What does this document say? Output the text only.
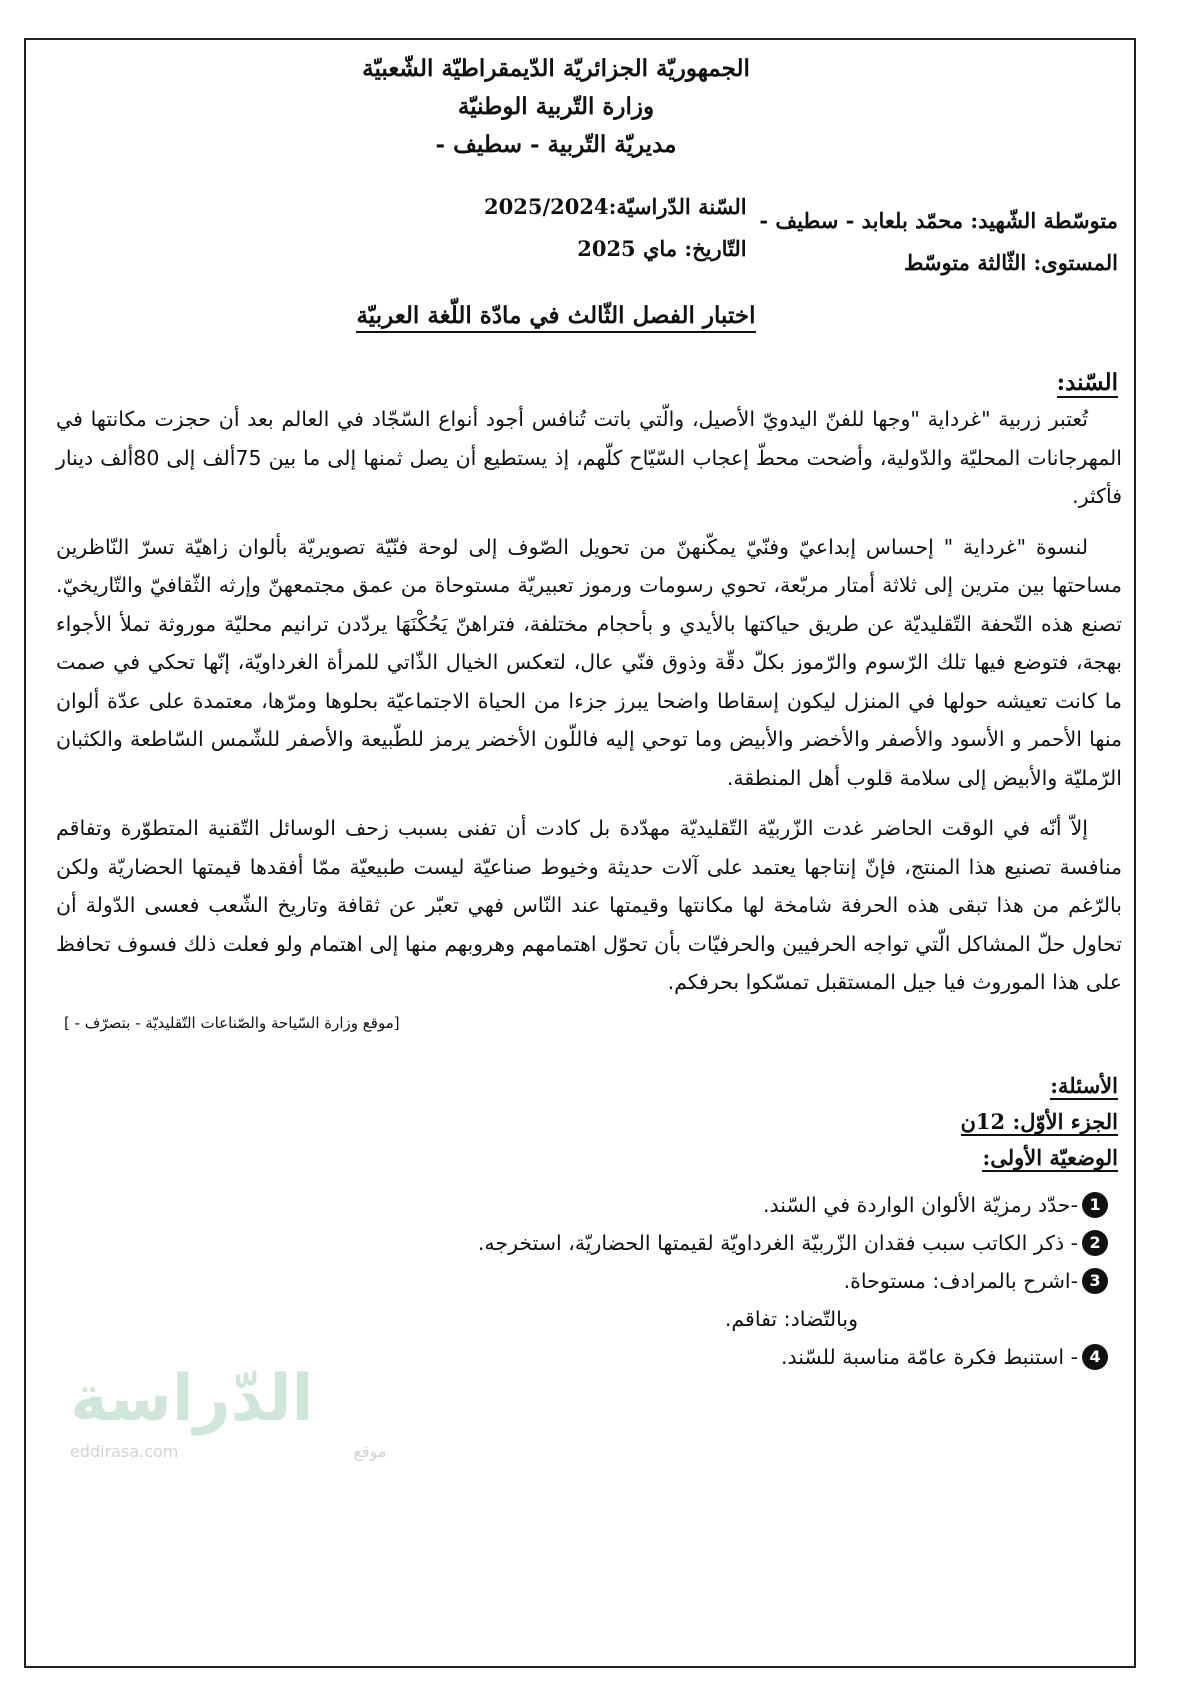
الجمهوريّة الجزائريّة الدّيمقراطيّة الشّعبيّة
وزارة التّربية الوطنيّة
مديريّة التّربية - سطيف -
متوسّطة الشّهيد: محمّد بلعابد - سطيف -
المستوى: الثّالثة متوسّط
السّنة الدّراسيّة:2025/2024
التّاريخ: ماي 2025
اختبار الفصل الثّالث في مادّة اللّغة العربيّة
السّند:
تُعتبر زربية "غرداية "وجها للفنّ اليدويّ الأصيل، والّتي باتت تُنافس أجود أنواع السّجّاد في العالم بعد أن حجزت مكانتها في المهرجانات المحليّة والدّولية، وأضحت محطّ إعجاب السّيّاح كلّهم، إذ يستطيع أن يصل ثمنها إلى ما بين 75ألف إلى 80ألف دينار فأكثر.
لنسوة "غرداية " إحساس إبداعيّ وفنّيّ يمكّنهنّ من تحويل الصّوف إلى لوحة فنّيّة تصويريّة بألوان زاهيّة تسرّ النّاظرين مساحتها بين مترين إلى ثلاثة أمتار مربّعة، تحوي رسومات ورموز تعبيريّة مستوحاة من عمق مجتمعهنّ وإرثه الثّقافيّ والتّاريخيّ. تصنع هذه التّحفة التّقليديّة عن طريق حياكتها بالأيدي و بأحجام مختلفة، فتراهنّ يَحُكْنَهَا يردّدن ترانيم محليّة موروثة تملأ الأجواء بهجة، فتوضع فيها تلك الرّسوم والرّموز بكلّ دقّة وذوق فنّي عال، لتعكس الخيال الذّاتي للمرأة الغرداويّة، إنّها تحكي في صمت ما كانت تعيشه حولها في المنزل ليكون إسقاطا واضحا يبرز جزءا من الحياة الاجتماعيّة بحلوها ومرّها، معتمدة على عدّة ألوان منها الأحمر و الأسود والأصفر والأخضر والأبيض وما توحي إليه فاللّون الأخضر يرمز للطّبيعة والأصفر للشّمس السّاطعة والكثبان الرّمليّة والأبيض إلى سلامة قلوب أهل المنطقة.
إلاّ أنّه في الوقت الحاضر غدت الزّربيّة التّقليديّة مهدّدة بل كادت أن تفنى بسبب زحف الوسائل التّقنية المتطوّرة وتفاقم منافسة تصنيع هذا المنتج، فإنّ إنتاجها يعتمد على آلات حديثة وخيوط صناعيّة ليست طبيعيّة ممّا أفقدها قيمتها الحضاريّة ولكن بالرّغم من هذا تبقى هذه الحرفة شامخة لها مكانتها وقيمتها عند النّاس فهي تعبّر عن ثقافة وتاريخ الشّعب فعسى الدّولة أن تحاول حلّ المشاكل الّتي تواجه الحرفيين والحرفيّات بأن تحوّل اهتمامهم وهروبهم منها إلى اهتمام ولو فعلت ذلك فسوف تحافظ على هذا الموروث فيا جيل المستقبل تمسّكوا بحرفكم.
[موقع وزارة السّياحة والصّناعات التّقليديّة - بتصرّف - ]
الأسئلة:
الجزء الأوّل: 12ن
الوضعيّة الأولى:
1
-حدّد رمزيّة الألوان الواردة في السّند.
2
- ذكر الكاتب سبب فقدان الزّربيّة الغرداويّة لقيمتها الحضاريّة، استخرجه.
3
-اشرح بالمرادف: مستوحاة.
وبالتّضاد: تفاقم.
4
- استنبط فكرة عامّة مناسبة للسّند.
الدّراسة
eddirasa.com	موقع
